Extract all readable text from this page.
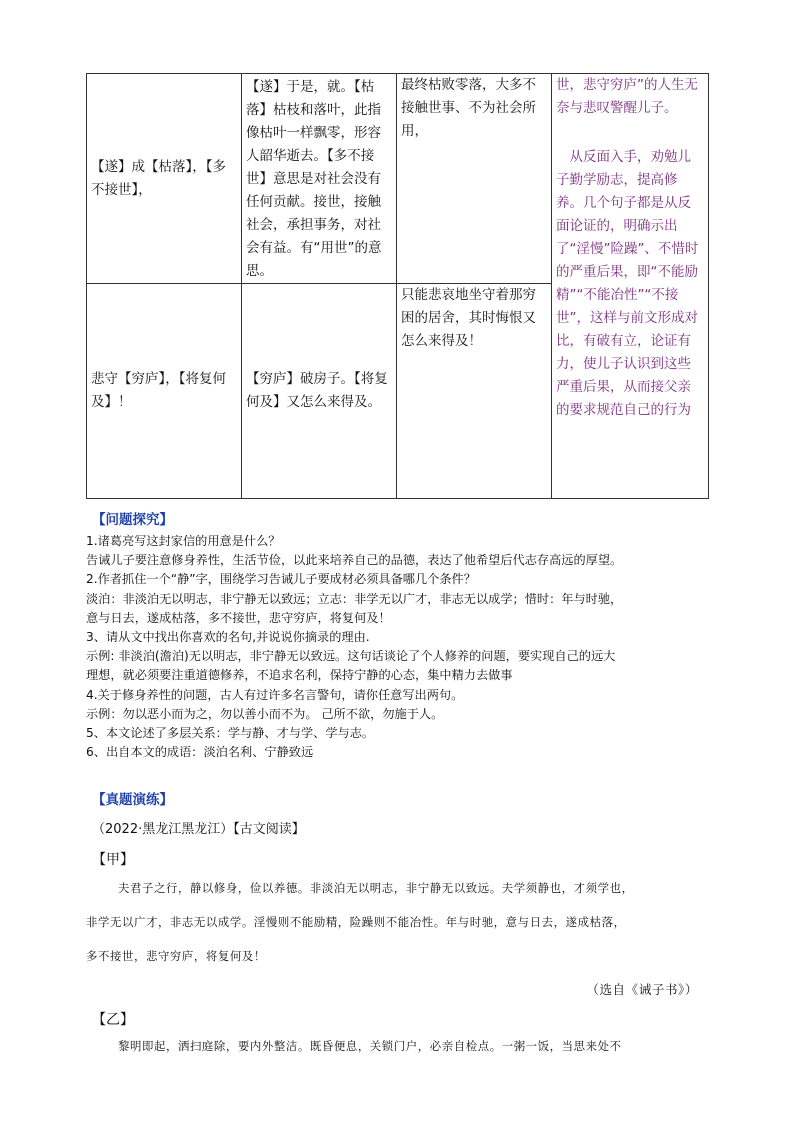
【遂】成【枯落】，【多不接世】，	【遂】于是，就。【枯落】枯枝和落叶，此指像枯叶一样飘零，形容人韶华逝去。【多不接世】意思是对社会没有任何贡献。接世，接触社会，承担事务，对社会有益。有“用世”的意思。	最终枯败零落，大多不接触世事、不为社会所用，	世，悲守穷庐”的人生无奈与悲叹警醒儿子。
从反面入手，劝勉儿子勤学励志，提高修养。几个句子都是从反面论证的，明确示出了“淫慢”险躁”、不惜时的严重后果，即“不能励精”“不能冶性”“不接世”，这样与前文形成对比，有破有立，论证有力，使儿子认识到这些严重后果，从而接父亲的要求规范自己的行为

悲守【穷庐】，【将复何及】！	【穷庐】破房子。【将复何及】又怎么来得及。	只能悲哀地坐守着那穷困的居舍，其时悔恨又怎么来得及！	
【问题探究】
1.诸葛亮写这封家信的用意是什么？
告诫儿子要注意修身养性，生活节俭，以此来培养自己的品德，表达了他希望后代志存高远的厚望。
2.作者抓住一个“静”字，围绕学习告诫儿子要成材必须具备哪几个条件？
淡泊：非淡泊无以明志，非宁静无以致远；立志：非学无以广才，非志无以成学；惜时：年与时驰，
意与日去，遂成枯落，多不接世，悲守穷庐，将复何及！
3、请从文中找出你喜欢的名句,并说说你摘录的理由.
示例: 非淡泊(澹泊)无以明志，非宁静无以致远。这句话谈论了个人修养的问题，要实现自己的远大
理想，就必须要注重道德修养，不追求名利，保持宁静的心态，集中精力去做事
4.关于修身养性的问题，古人有过许多名言警句，请你任意写出两句。
示例：勿以恶小而为之，勿以善小而不为。 己所不欲，勿施于人。
5、本文论述了多层关系：学与静、才与学、学与志。
6、出自本文的成语：淡泊名利、宁静致远
【真题演练】
（2022·黑龙江黑龙江）【古文阅读】
【甲】
夫君子之行，静以修身，俭以养德。非淡泊无以明志，非宁静无以致远。夫学须静也，才须学也，
非学无以广才，非志无以成学。淫慢则不能励精，险躁则不能冶性。年与时驰，意与日去，遂成枯落，
多不接世，悲守穷庐，将复何及！
（选自《诫子书》）
【乙】
黎明即起，洒扫庭除，要内外整洁。既昏便息，关锁门户，必亲自检点。一粥一饭，当思来处不
